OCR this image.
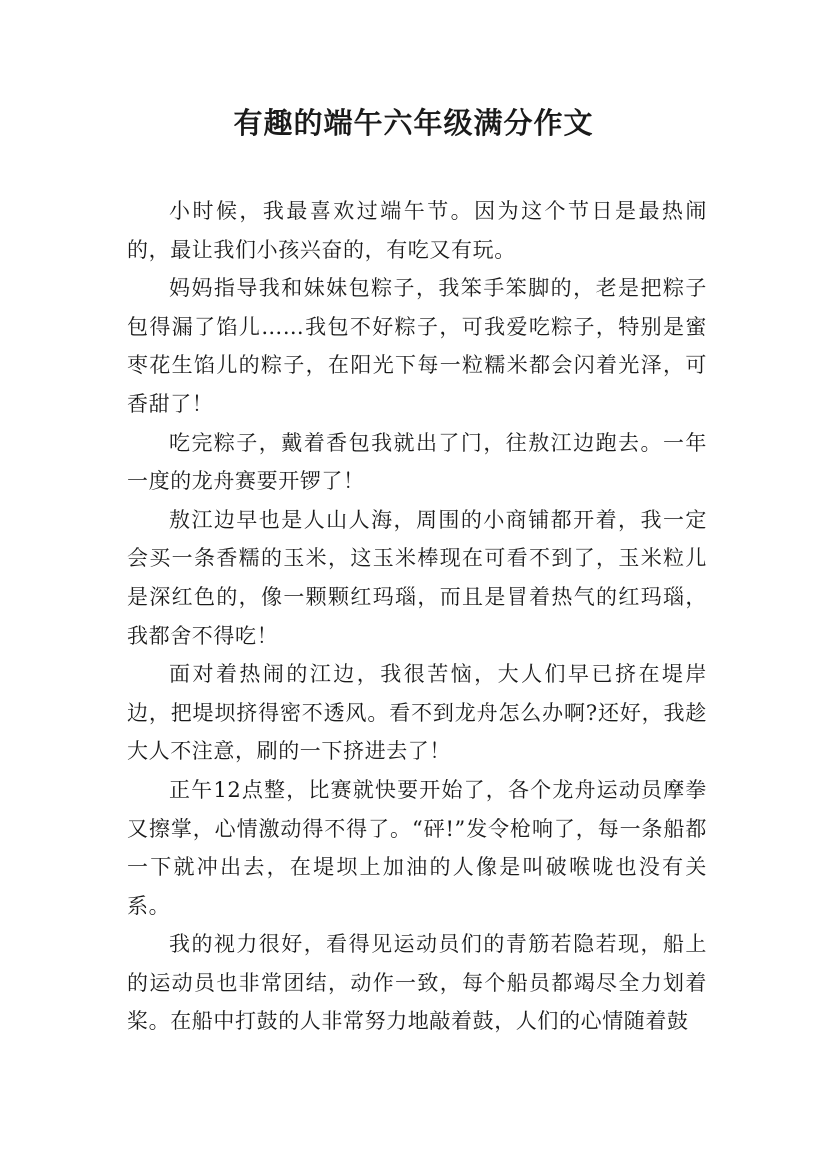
有趣的端午六年级满分作文

小时候，我最喜欢过端午节。因为这个节日是最热闹的，最让我们小孩兴奋的，有吃又有玩。

妈妈指导我和妹妹包粽子，我笨手笨脚的，老是把粽子包得漏了馅儿……我包不好粽子，可我爱吃粽子，特别是蜜枣花生馅儿的粽子，在阳光下每一粒糯米都会闪着光泽，可香甜了！

吃完粽子，戴着香包我就出了门，往敖江边跑去。一年一度的龙舟赛要开锣了！

敖江边早也是人山人海，周围的小商铺都开着，我一定会买一条香糯的玉米，这玉米棒现在可看不到了，玉米粒儿是深红色的，像一颗颗红玛瑙，而且是冒着热气的红玛瑙，我都舍不得吃！

面对着热闹的江边，我很苦恼，大人们早已挤在堤岸边，把堤坝挤得密不透风。看不到龙舟怎么办啊?还好，我趁大人不注意，刷的一下挤进去了！

正午12点整，比赛就快要开始了，各个龙舟运动员摩拳又擦掌，心情激动得不得了。“砰!”发令枪响了，每一条船都一下就冲出去，在堤坝上加油的人像是叫破喉咙也没有关系。

我的视力很好，看得见运动员们的青筋若隐若现，船上的运动员也非常团结，动作一致，每个船员都竭尽全力划着桨。在船中打鼓的人非常努力地敲着鼓，人们的心情随着鼓
